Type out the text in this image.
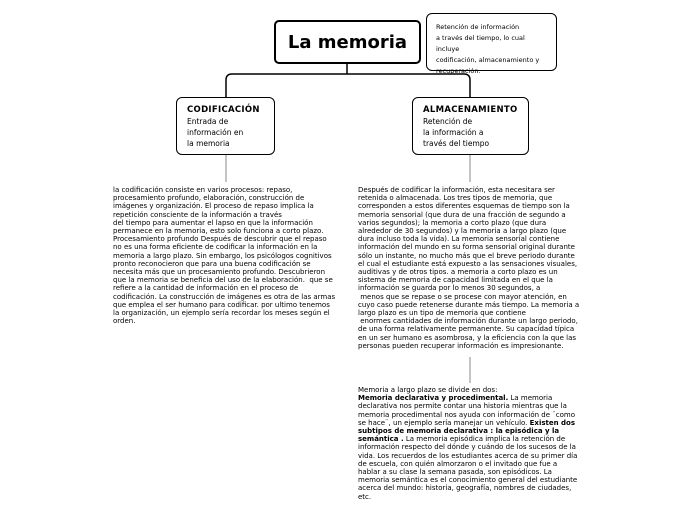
La memoria
Retención de información
a través del tiempo, lo cual incluye
codificación, almacenamiento y
recuperación.
CODIFICACIÓN
Entrada de
información en
la memoria
ALMACENAMIENTO
Retención de
la información a
través del tiempo
la codificación consiste en varios procesos: repaso,
procesamiento profundo, elaboración, construcción de
imágenes y organización. El proceso de repaso implica la
repetición consciente de la información a través
del tiempo para aumentar el lapso en que la información
permanece en la memoria, esto solo funciona a corto plazo.
Procesamiento profundo Después de descubrir que el repaso
no es una forma eficiente de codificar la información en la
memoria a largo plazo. Sin embargo, los psicólogos cognitivos
pronto reconocieron que para una buena codificación se
necesita más que un procesamiento profundo. Descubrieron
que la memoria se beneficia del uso de la elaboración.  que se
refiere a la cantidad de información en el proceso de
codificación. La construcción de imágenes es otra de las armas
que emplea el ser humano para codificar. por ultimo tenemos
la organización, un ejemplo sería recordar los meses según el
orden.
Después de codificar la información, esta necesitara ser
retenida o almacenada. Los tres tipos de memoria, que
corresponden a estos diferentes esquemas de tiempo son la
memoria sensorial (que dura de una fracción de segundo a
varios segundos); la memoria a corto plazo (que dura
alrededor de 30 segundos) y la memoria a largo plazo (que
dura incluso toda la vida). La memoria sensorial contiene
información del mundo en su forma sensorial original durante
sólo un instante, no mucho más que el breve periodo durante
el cual el estudiante está expuesto a las sensaciones visuales,
auditivas y de otros tipos. a memoria a corto plazo es un
sistema de memoria de capacidad limitada en el que la
información se guarda por lo menos 30 segundos, a
menos que se repase o se procese con mayor atención, en
cuyo caso puede retenerse durante más tiempo. La memoria a
largo plazo es un tipo de memoria que contiene
enormes cantidades de información durante un largo periodo,
de una forma relativamente permanente. Su capacidad típica
en un ser humano es asombrosa, y la eficiencia con la que las
personas pueden recuperar información es impresionante.
Memoria a largo plazo se divide en dos:
Memoria declarativa y procedimental. La memoria
declarativa nos permite contar una historia mientras que la
memoria procedimental nos ayuda con información de ¨como
se hace¨, un ejemplo sería manejar un vehículo. Existen dos
subtipos de memoria declarativa : la episódica y la
semántica . La memoria episódica implica la retención de
información respecto del dónde y cuándo de los sucesos de la
vida. Los recuerdos de los estudiantes acerca de su primer día
de escuela, con quién almorzaron o el invitado que fue a
hablar a su clase la semana pasada, son episódicos. La
memoria semántica es el conocimiento general del estudiante
acerca del mundo: historia, geografía, nombres de ciudades,
etc.
